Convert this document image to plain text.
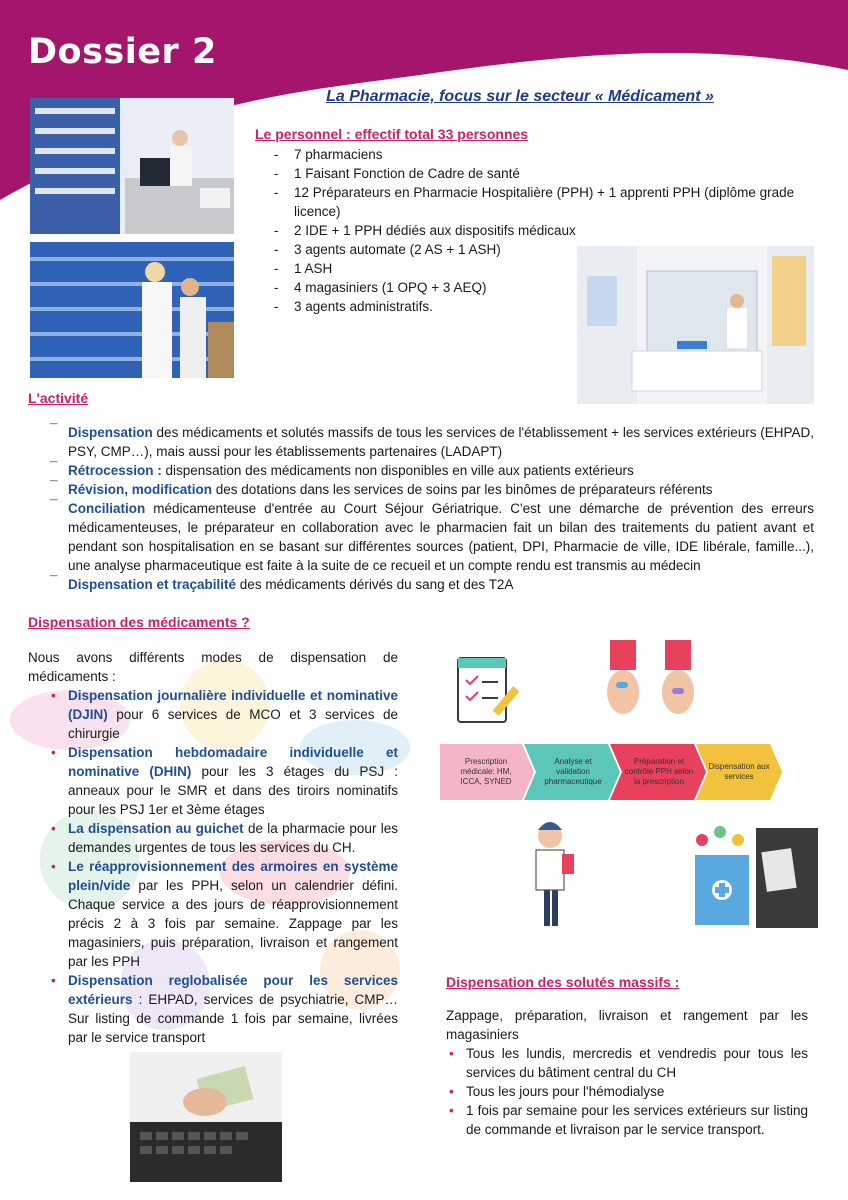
Dossier 2
La Pharmacie, focus sur le secteur « Médicament »
Le personnel : effectif total 33 personnes
- 7 pharmaciens
- 1 Faisant Fonction de Cadre de santé
- 12 Préparateurs en Pharmacie Hospitalière (PPH) + 1 apprenti PPH (diplôme grade licence)
- 2 IDE + 1 PPH dédiés aux dispositifs médicaux
- 3 agents automate (2 AS + 1 ASH)
- 1 ASH
- 4 magasiniers (1 OPQ + 3 AEQ)
- 3 agents administratifs.
L'activité
¯ Dispensation des médicaments et solutés massifs de tous les services de l'établissement + les services extérieurs (EHPAD, PSY, CMP…), mais aussi pour les établissements partenaires (LADAPT)
¯ Rétrocession : dispensation des médicaments non disponibles en ville aux patients extérieurs
¯ Révision, modification des dotations dans les services de soins par les binômes de préparateurs référents
¯ Conciliation médicamenteuse d'entrée au Court Séjour Gériatrique. C'est une démarche de prévention des erreurs médicamenteuses, le préparateur en collaboration avec le pharmacien fait un bilan des traitements du patient avant et pendant son hospitalisation en se basant sur différentes sources (patient, DPI, Pharmacie de ville, IDE libérale, famille...), une analyse pharmaceutique est faite à la suite de ce recueil et un compte rendu est transmis au médecin
¯ Dispensation et traçabilité des médicaments dérivés du sang et des T2A
Dispensation des médicaments ?
Nous avons différents modes de dispensation de médicaments :
• Dispensation journalière individuelle et nominative (DJIN) pour 6 services de MCO et 3 services de chirurgie
• Dispensation hebdomadaire individuelle et nominative (DHIN) pour les 3 étages du PSJ : anneaux pour le SMR et dans des tiroirs nominatifs pour les PSJ 1er et 3ème étages
• La dispensation au guichet de la pharmacie pour les demandes urgentes de tous les services du CH.
• Le réapprovisionnement des armoires en système plein/vide par les PPH, selon un calendrier défini. Chaque service a des jours de réapprovisionnement précis 2 à 3 fois par semaine. Zappage par les magasiniers, puis préparation, livraison et rangement par les PPH
• Dispensation reglobalisée pour les services extérieurs : EHPAD, services de psychiatrie, CMP… Sur listing de commande 1 fois par semaine, livrées par le service transport
Prescription médicale: HM, ICCA, SYNED
Analyse et validation pharmaceutique
Préparation et contrôle PPH selon la prescription
Dispensation aux services
Dispensation des solutés massifs :
Zappage, préparation, livraison et rangement par les magasiniers
• Tous les lundis, mercredis et vendredis pour tous les services du bâtiment central du CH
• Tous les jours pour l'hémodialyse
• 1 fois par semaine pour les services extérieurs sur listing de commande et livraison par le service transport.
